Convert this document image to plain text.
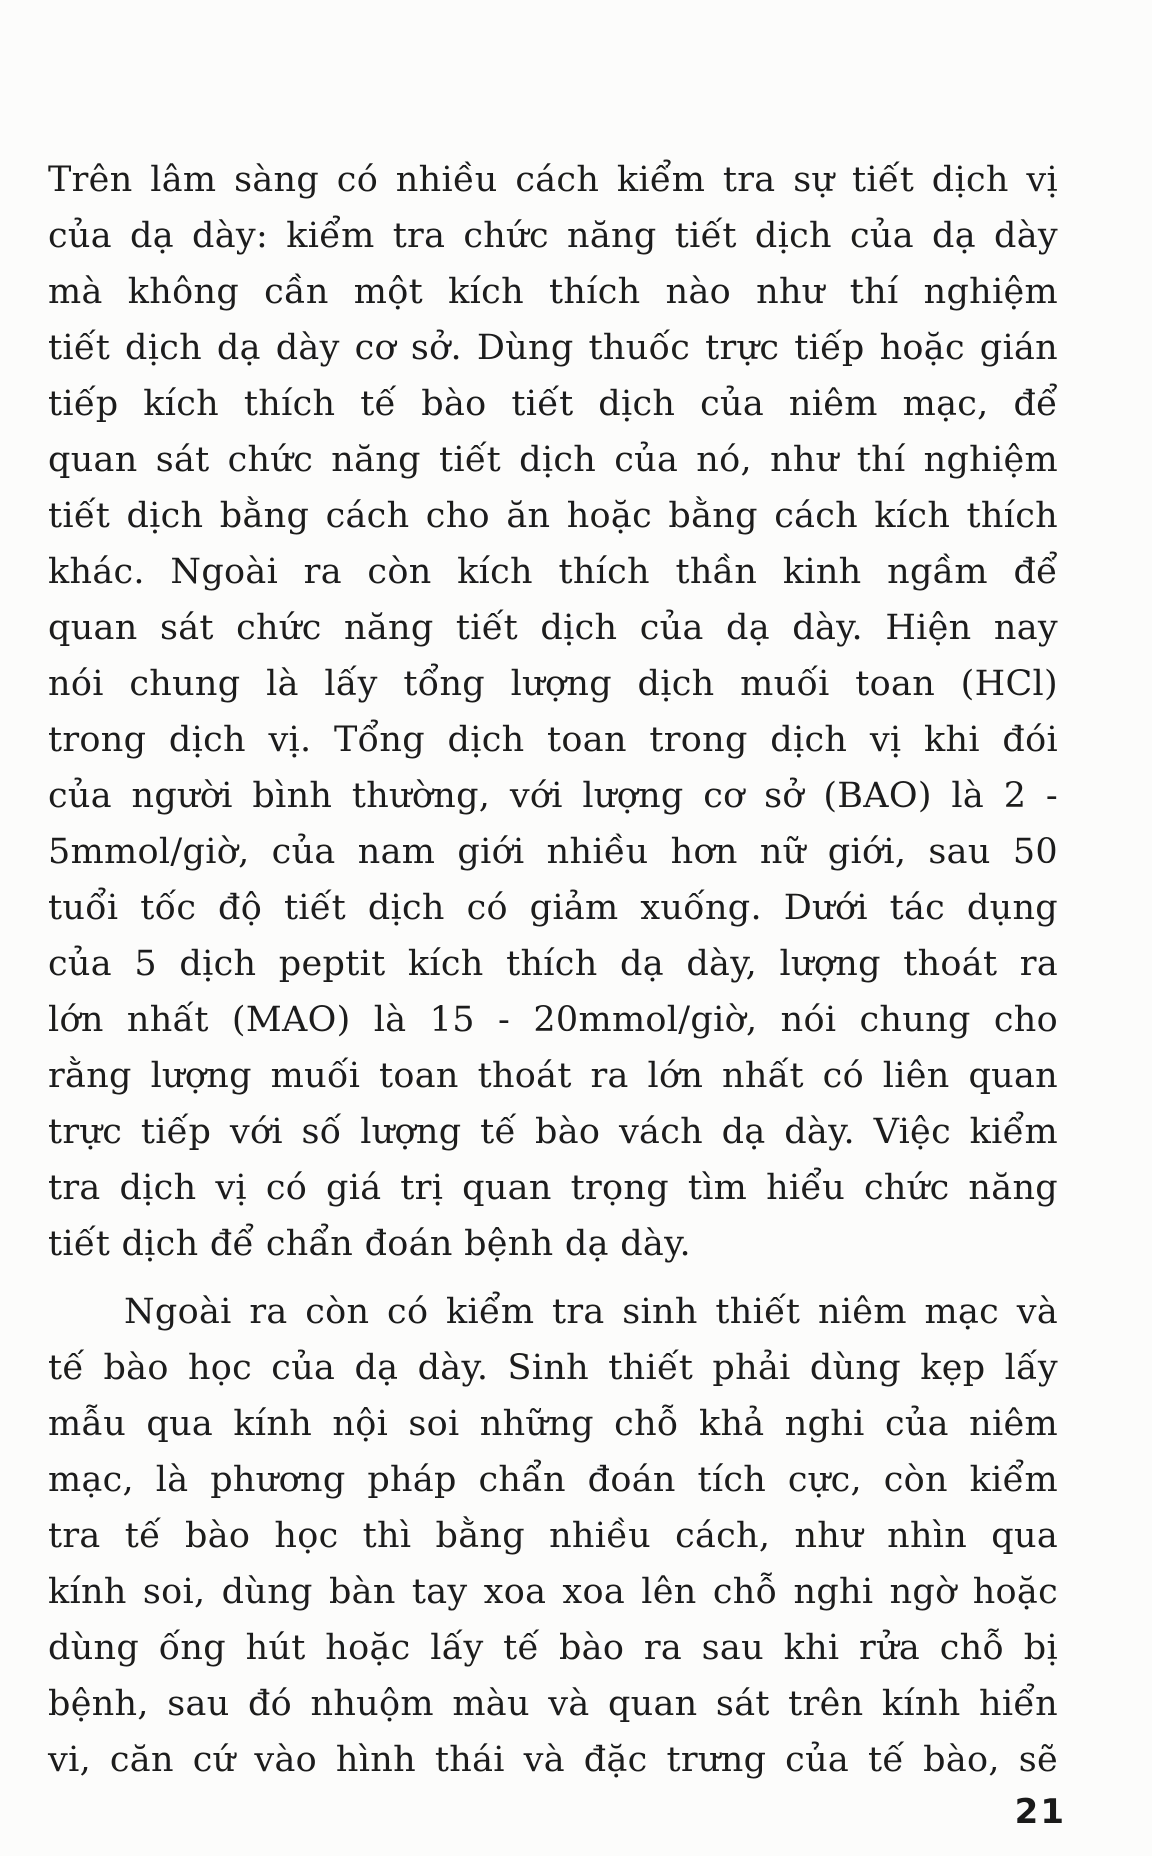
Trên lâm sàng có nhiều cách kiểm tra sự tiết dịch vị
của dạ dày: kiểm tra chức năng tiết dịch của dạ dày
mà không cần một kích thích nào như thí nghiệm
tiết dịch dạ dày cơ sở. Dùng thuốc trực tiếp hoặc gián
tiếp kích thích tế bào tiết dịch của niêm mạc, để
quan sát chức năng tiết dịch của nó, như thí nghiệm
tiết dịch bằng cách cho ăn hoặc bằng cách kích thích
khác. Ngoài ra còn kích thích thần kinh ngầm để
quan sát chức năng tiết dịch của dạ dày. Hiện nay
nói chung là lấy tổng lượng dịch muối toan (HCl)
trong dịch vị. Tổng dịch toan trong dịch vị khi đói
của người bình thường, với lượng cơ sở (BAO) là 2 -
5mmol/giờ, của nam giới nhiều hơn nữ giới, sau 50
tuổi tốc độ tiết dịch có giảm xuống. Dưới tác dụng
của 5 dịch peptit kích thích dạ dày, lượng thoát ra
lớn nhất (MAO) là 15 - 20mmol/giờ, nói chung cho
rằng lượng muối toan thoát ra lớn nhất có liên quan
trực tiếp với số lượng tế bào vách dạ dày. Việc kiểm
tra dịch vị có giá trị quan trọng tìm hiểu chức năng
tiết dịch để chẩn đoán bệnh dạ dày.
Ngoài ra còn có kiểm tra sinh thiết niêm mạc và
tế bào học của dạ dày. Sinh thiết phải dùng kẹp lấy
mẫu qua kính nội soi những chỗ khả nghi của niêm
mạc, là phương pháp chẩn đoán tích cực, còn kiểm
tra tế bào học thì bằng nhiều cách, như nhìn qua
kính soi, dùng bàn tay xoa xoa lên chỗ nghi ngờ hoặc
dùng ống hút hoặc lấy tế bào ra sau khi rửa chỗ bị
bệnh, sau đó nhuộm màu và quan sát trên kính hiển
vi, căn cứ vào hình thái và đặc trưng của tế bào, sẽ
21
